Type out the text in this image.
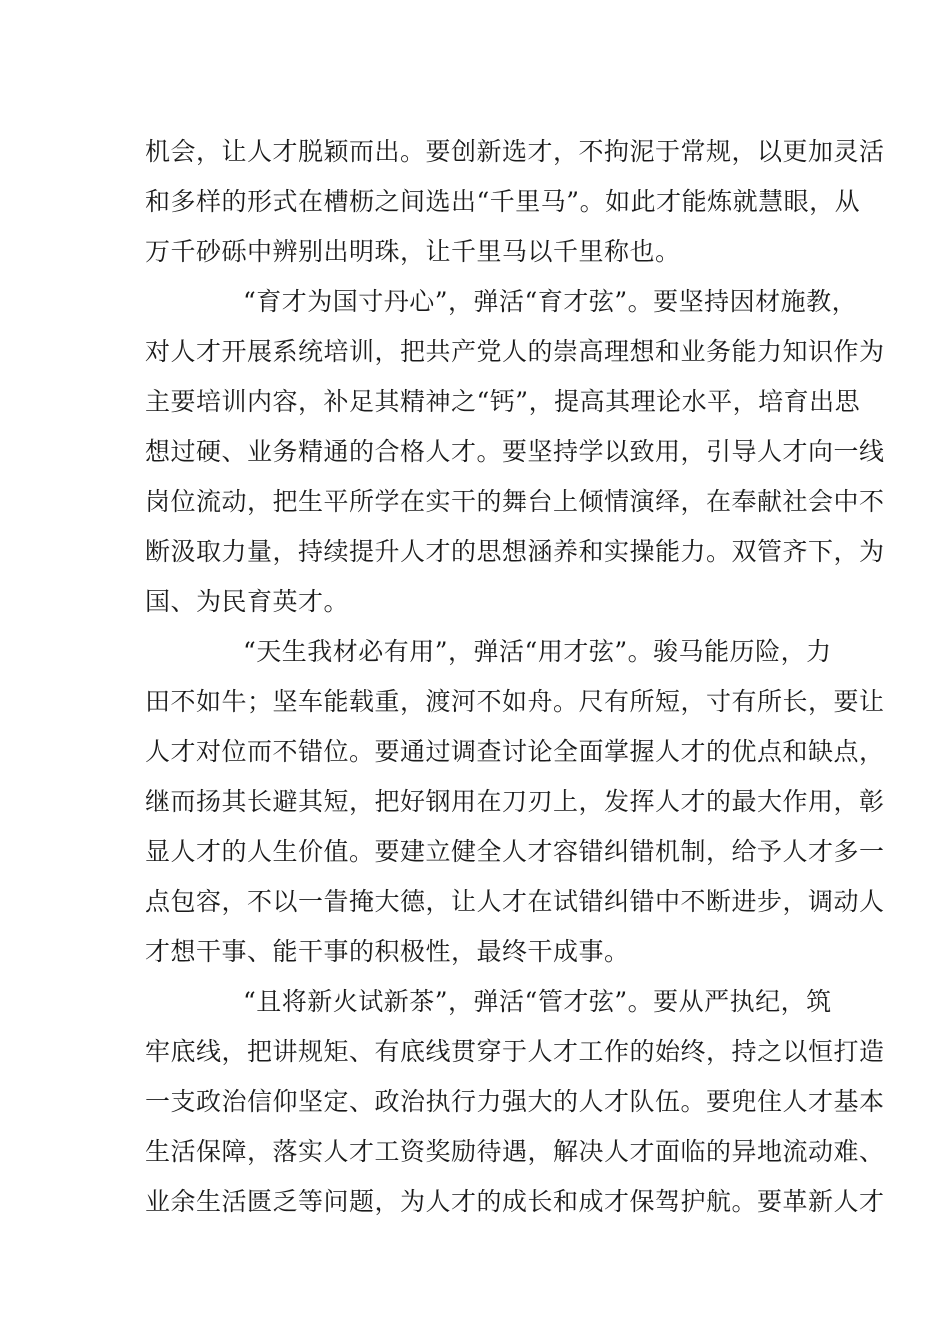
机会，让人才脱颖而出。要创新选才，不拘泥于常规，以更加灵活
和多样的形式在槽枥之间选出“千里马”。如此才能炼就慧眼，从
万千砂砾中辨别出明珠，让千里马以千里称也。
“育才为国寸丹心”，弹活“育才弦”。要坚持因材施教，
对人才开展系统培训，把共产党人的崇高理想和业务能力知识作为
主要培训内容，补足其精神之“钙”，提高其理论水平，培育出思
想过硬、业务精通的合格人才。要坚持学以致用，引导人才向一线
岗位流动，把生平所学在实干的舞台上倾情演绎，在奉献社会中不
断汲取力量，持续提升人才的思想涵养和实操能力。双管齐下，为
国、为民育英才。
“天生我材必有用”，弹活“用才弦”。骏马能历险，力
田不如牛；坚车能载重，渡河不如舟。尺有所短，寸有所长，要让
人才对位而不错位。要通过调查讨论全面掌握人才的优点和缺点，
继而扬其长避其短，把好钢用在刀刃上，发挥人才的最大作用，彰
显人才的人生价值。要建立健全人才容错纠错机制，给予人才多一
点包容，不以一眚掩大德，让人才在试错纠错中不断进步，调动人
才想干事、能干事的积极性，最终干成事。
“且将新火试新茶”，弹活“管才弦”。要从严执纪，筑
牢底线，把讲规矩、有底线贯穿于人才工作的始终，持之以恒打造
一支政治信仰坚定、政治执行力强大的人才队伍。要兜住人才基本
生活保障，落实人才工资奖励待遇，解决人才面临的异地流动难、
业余生活匮乏等问题，为人才的成长和成才保驾护航。要革新人才
